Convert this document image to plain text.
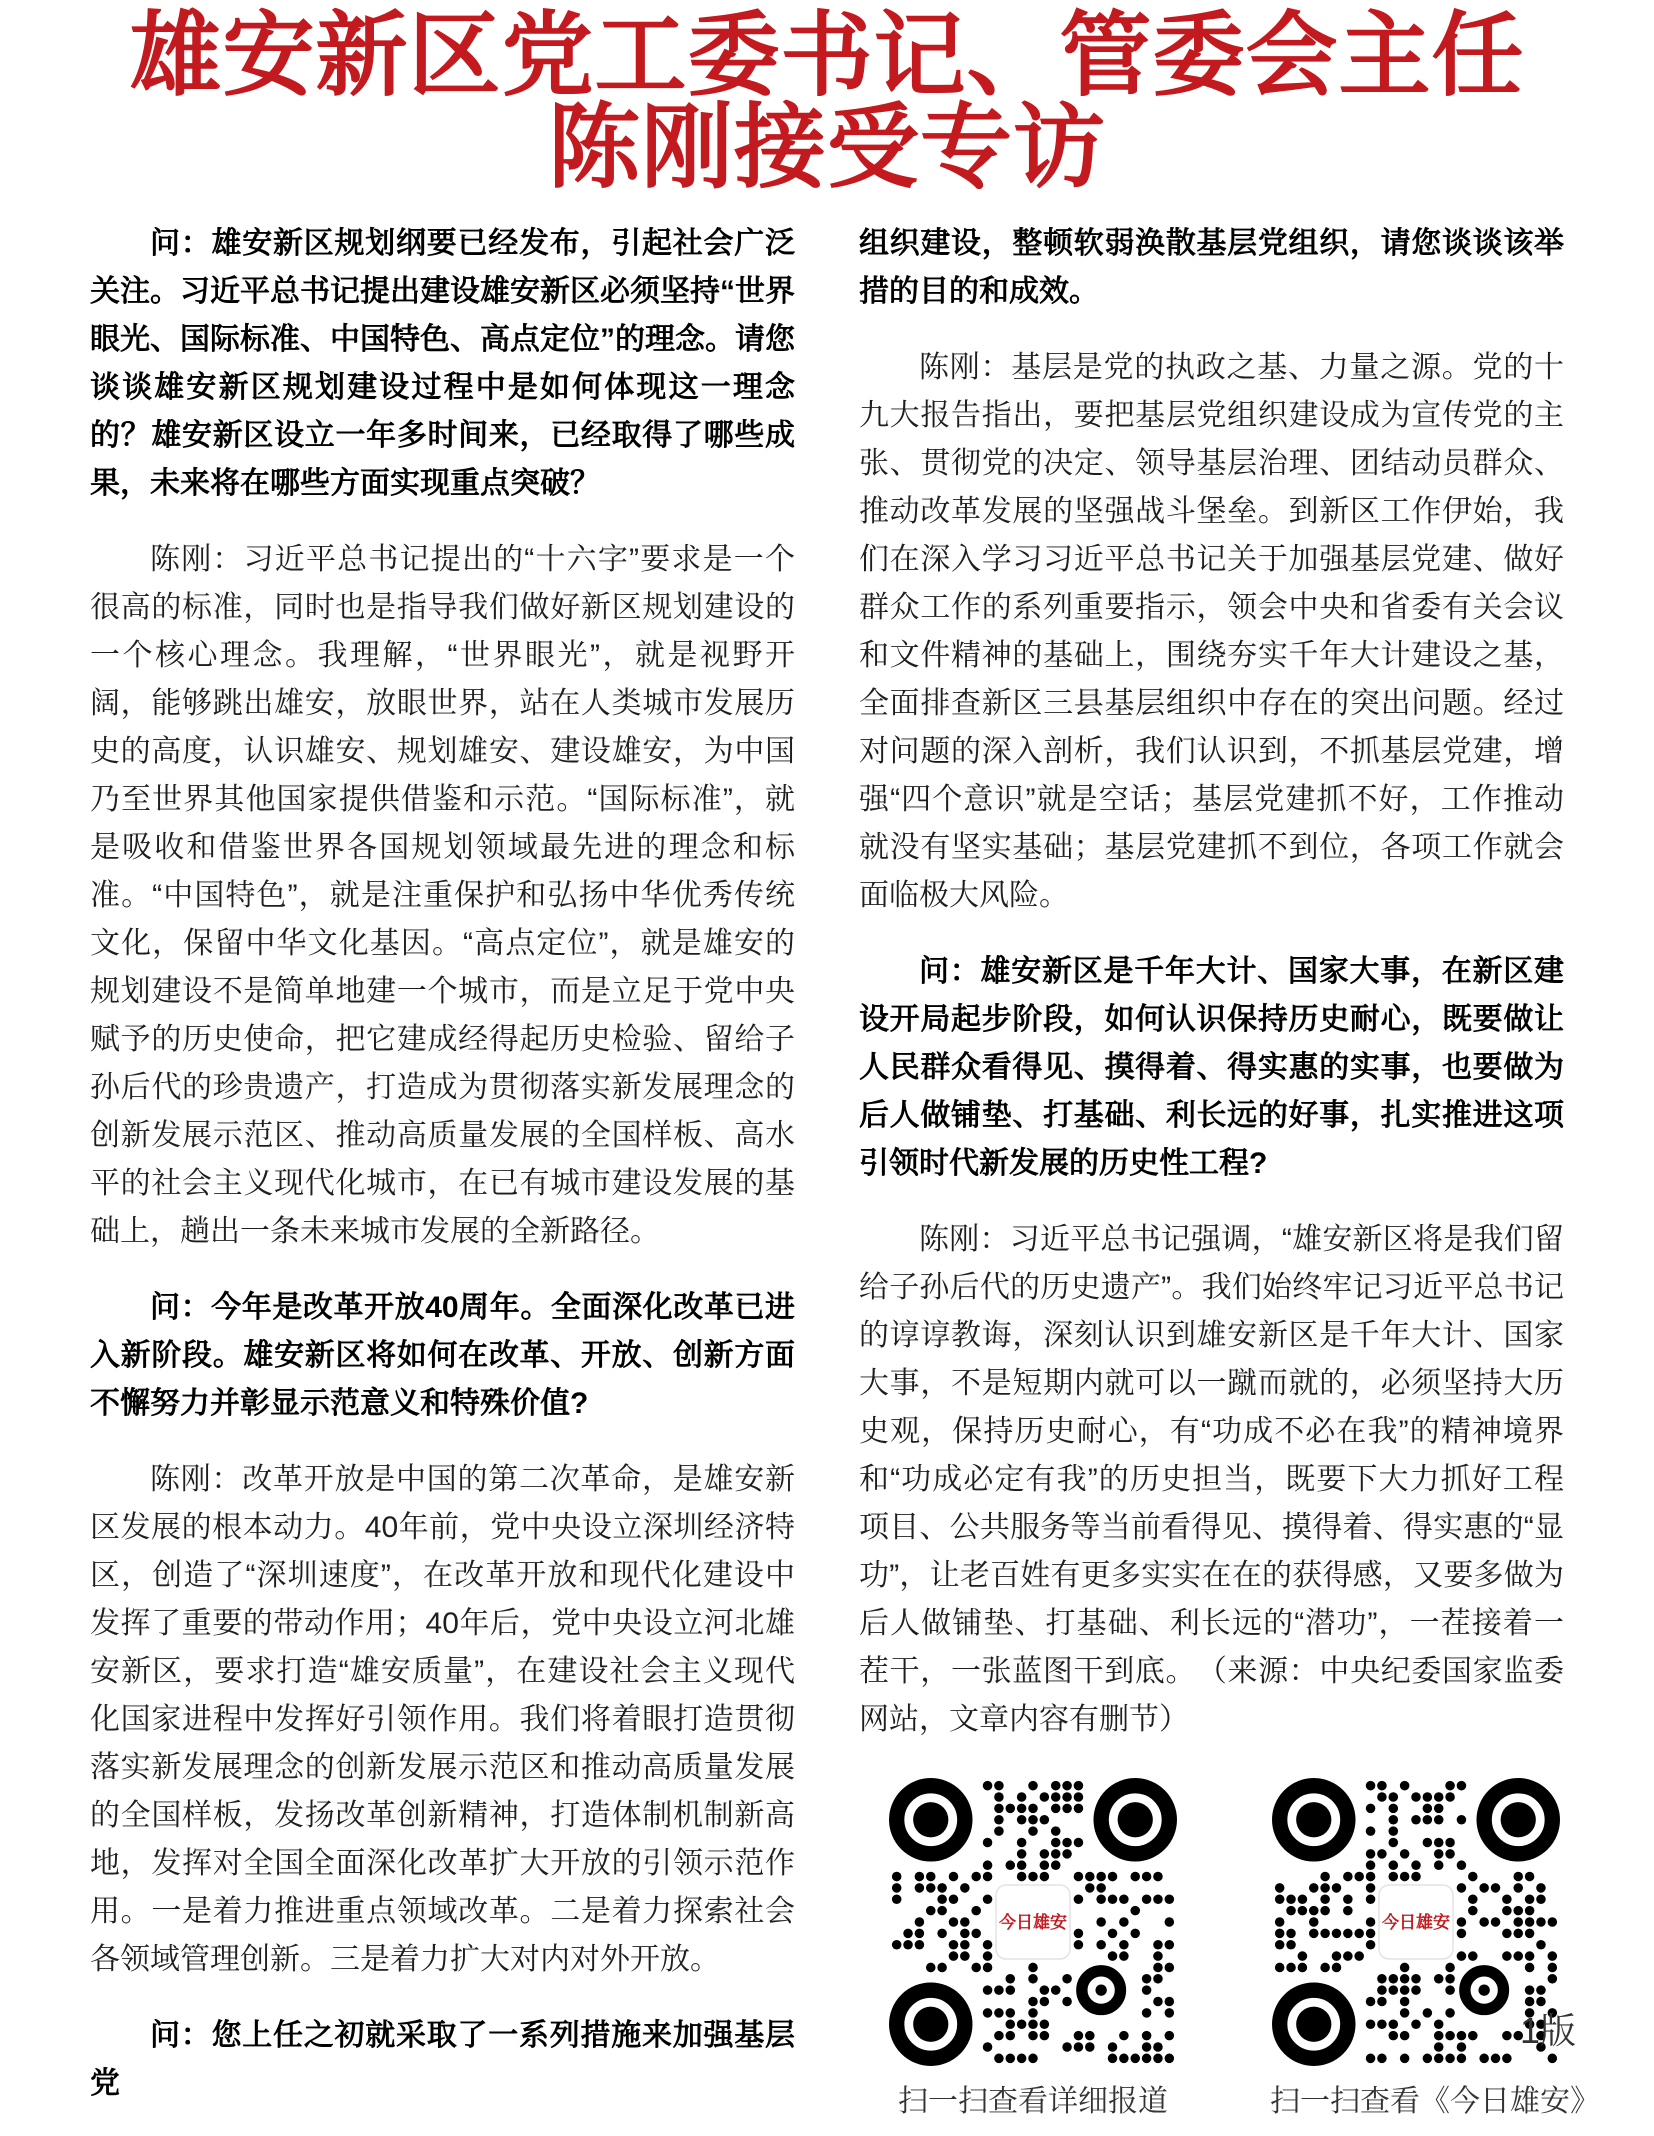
雄安新区党工委书记、管委会主任
陈刚接受专访

问：雄安新区规划纲要已经发布，引起社会广泛关注。习近平总书记提出建设雄安新区必须坚持“世界眼光、国际标准、中国特色、高点定位”的理念。请您谈谈雄安新区规划建设过程中是如何体现这一理念的？雄安新区设立一年多时间来，已经取得了哪些成果，未来将在哪些方面实现重点突破？

陈刚：习近平总书记提出的“十六字”要求是一个很高的标准，同时也是指导我们做好新区规划建设的一个核心理念。我理解，“世界眼光”，就是视野开阔，能够跳出雄安，放眼世界，站在人类城市发展历史的高度，认识雄安、规划雄安、建设雄安，为中国乃至世界其他国家提供借鉴和示范。“国际标准”，就是吸收和借鉴世界各国规划领域最先进的理念和标准。“中国特色”，就是注重保护和弘扬中华优秀传统文化，保留中华文化基因。“高点定位”，就是雄安的规划建设不是简单地建一个城市，而是立足于党中央赋予的历史使命，把它建成经得起历史检验、留给子孙后代的珍贵遗产，打造成为贯彻落实新发展理念的创新发展示范区、推动高质量发展的全国样板、高水平的社会主义现代化城市，在已有城市建设发展的基础上，趟出一条未来城市发展的全新路径。

问：今年是改革开放40周年。全面深化改革已进入新阶段。雄安新区将如何在改革、开放、创新方面不懈努力并彰显示范意义和特殊价值?

陈刚：改革开放是中国的第二次革命，是雄安新区发展的根本动力。40年前，党中央设立深圳经济特区，创造了“深圳速度”，在改革开放和现代化建设中发挥了重要的带动作用；40年后，党中央设立河北雄安新区，要求打造“雄安质量”，在建设社会主义现代化国家进程中发挥好引领作用。我们将着眼打造贯彻落实新发展理念的创新发展示范区和推动高质量发展的全国样板，发扬改革创新精神，打造体制机制新高地，发挥对全国全面深化改革扩大开放的引领示范作用。一是着力推进重点领域改革。二是着力探索社会各领域管理创新。三是着力扩大对内对外开放。

问：您上任之初就采取了一系列措施来加强基层党

组织建设，整顿软弱涣散基层党组织，请您谈谈该举措的目的和成效。

陈刚：基层是党的执政之基、力量之源。党的十九大报告指出，要把基层党组织建设成为宣传党的主张、贯彻党的决定、领导基层治理、团结动员群众、推动改革发展的坚强战斗堡垒。到新区工作伊始，我们在深入学习习近平总书记关于加强基层党建、做好群众工作的系列重要指示，领会中央和省委有关会议和文件精神的基础上，围绕夯实千年大计建设之基，全面排查新区三县基层组织中存在的突出问题。经过对问题的深入剖析，我们认识到，不抓基层党建，增强“四个意识”就是空话；基层党建抓不好，工作推动就没有坚实基础；基层党建抓不到位，各项工作就会面临极大风险。

问：雄安新区是千年大计、国家大事，在新区建设开局起步阶段，如何认识保持历史耐心，既要做让人民群众看得见、摸得着、得实惠的实事，也要做为后人做铺垫、打基础、利长远的好事，扎实推进这项引领时代新发展的历史性工程?

陈刚：习近平总书记强调，“雄安新区将是我们留给子孙后代的历史遗产”。我们始终牢记习近平总书记的谆谆教诲，深刻认识到雄安新区是千年大计、国家大事，不是短期内就可以一蹴而就的，必须坚持大历史观，保持历史耐心，有“功成不必在我”的精神境界和“功成必定有我”的历史担当，既要下大力抓好工程项目、公共服务等当前看得见、摸得着、得实惠的“显功”，让老百姓有更多实实在在的获得感，又要多做为后人做铺垫、打基础、利长远的“潜功”，一茬接着一茬干，一张蓝图干到底。　（来源：中央纪委国家监委网站，文章内容有删节）

今日雄安
扫一扫查看详细报道
今日雄安
扫一扫查看《今日雄安》
1版
